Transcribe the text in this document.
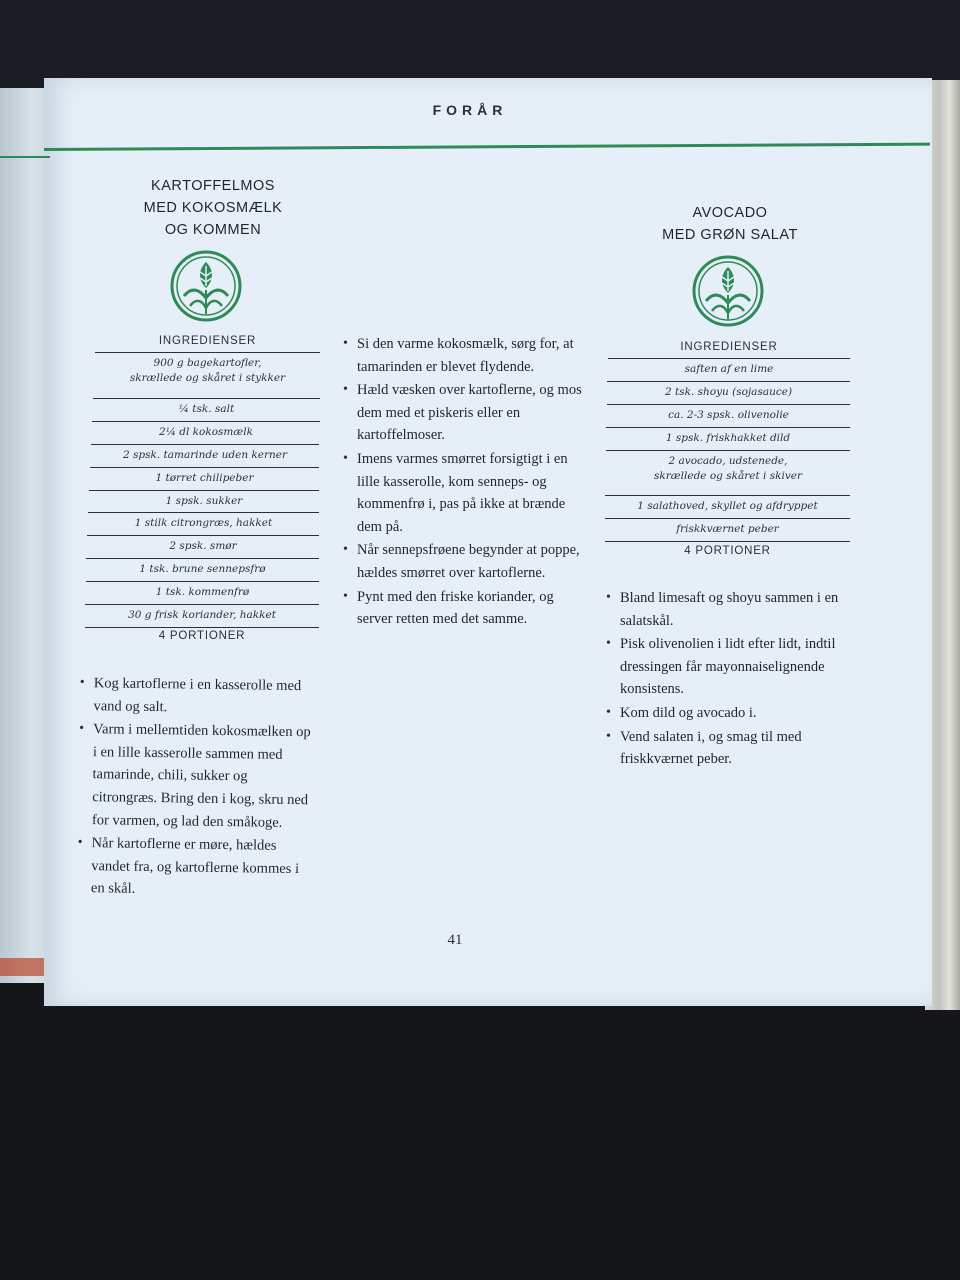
FORÅR
KARTOFFELMOS
MED KOKOSMÆLK
OG KOMMEN
INGREDIENSER
900 g bagekartofler,
skrællede og skåret i stykker
¼ tsk. salt
2¼ dl kokosmælk
2 spsk. tamarinde uden kerner
1 tørret chilipeber
1 spsk. sukker
1 stilk citrongræs, hakket
2 spsk. smør
1 tsk. brune sennepsfrø
1 tsk. kommenfrø
30 g frisk koriander, hakket
4 PORTIONER
• Kog kartoflerne i en kasserolle med vand og salt.
• Varm i mellemtiden kokosmælken op i en lille kasserolle sammen med tamarinde, chili, sukker og citrongræs. Bring den i kog, skru ned for varmen, og lad den småkoge.
• Når kartoflerne er møre, hældes vandet fra, og kartoflerne kommes i en skål.
• Si den varme kokosmælk, sørg for, at tamarinden er blevet flydende.
• Hæld væsken over kartoflerne, og mos dem med et piskeris eller en kartoffelmoser.
• Imens varmes smørret forsigtigt i en lille kasserolle, kom senneps- og kommenfrø i, pas på ikke at brænde dem på.
• Når sennepsfrøene begynder at poppe, hældes smørret over kartoflerne.
• Pynt med den friske koriander, og server retten med det samme.
AVOCADO
MED GRØN SALAT
INGREDIENSER
saften af en lime
2 tsk. shoyu (sojasauce)
ca. 2-3 spsk. olivenolie
1 spsk. friskhakket dild
2 avocado, udstenede,
skrællede og skåret i skiver
1 salathoved, skyllet og afdryppet
friskkværnet peber
4 PORTIONER
• Bland limesaft og shoyu sammen i en salatskål.
• Pisk olivenolien i lidt efter lidt, indtil dressingen får mayonnaiselignende konsistens.
• Kom dild og avocado i.
• Vend salaten i, og smag til med friskkværnet peber.
41
